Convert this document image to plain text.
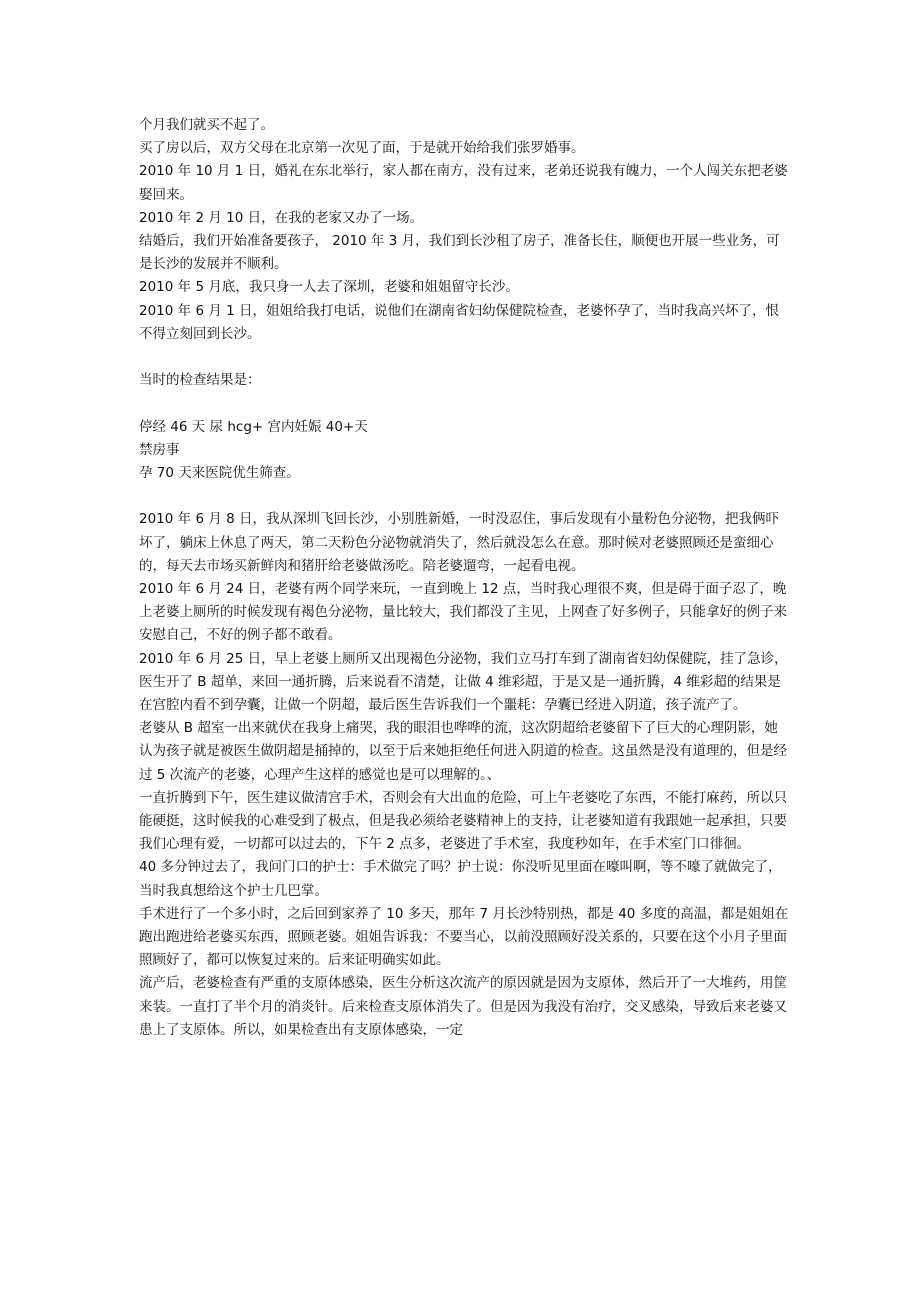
个月我们就买不起了。

买了房以后，双方父母在北京第一次见了面，于是就开始给我们张罗婚事。

2010 年 10 月 1 日，婚礼在东北举行，家人都在南方，没有过来，老弟还说我有魄力，一个人闯关东把老婆娶回来。

2010 年 2 月 10 日，在我的老家又办了一场。

结婚后，我们开始准备要孩子， 2010 年 3 月，我们到长沙租了房子，准备长住，顺便也开展一些业务，可是长沙的发展并不顺利。

2010 年 5 月底，我只身一人去了深圳，老婆和姐姐留守长沙。

2010 年 6 月 1 日，姐姐给我打电话，说他们在湖南省妇幼保健院检查，老婆怀孕了，当时我高兴坏了，恨不得立刻回到长沙。

当时的检查结果是：

停经 46 天 尿 hcg+ 宫内妊娠 40+天

禁房事

孕 70 天来医院优生筛查。

2010 年 6 月 8 日，我从深圳飞回长沙，小别胜新婚，一时没忍住，事后发现有小量粉色分泌物，把我俩吓坏了，躺床上休息了两天，第二天粉色分泌物就消失了，然后就没怎么在意。那时候对老婆照顾还是蛮细心的，每天去市场买新鲜肉和猪肝给老婆做汤吃。陪老婆遛弯，一起看电视。

2010 年 6 月 24 日，老婆有两个同学来玩，一直到晚上 12 点，当时我心理很不爽，但是碍于面子忍了，晚上老婆上厕所的时候发现有褐色分泌物，量比较大，我们都没了主见，上网查了好多例子，只能拿好的例子来安慰自己，不好的例子都不敢看。

2010 年 6 月 25 日，早上老婆上厕所又出现褐色分泌物，我们立马打车到了湖南省妇幼保健院，挂了急诊，医生开了 B 超单，来回一通折腾，后来说看不清楚，让做 4 维彩超，于是又是一通折腾，4 维彩超的结果是在宫腔内看不到孕囊，让做一个阴超，最后医生告诉我们一个噩耗：孕囊已经进入阴道，孩子流产了。

老婆从 B 超室一出来就伏在我身上痛哭，我的眼泪也哗哗的流，这次阴超给老婆留下了巨大的心理阴影，她认为孩子就是被医生做阴超是捅掉的，以至于后来她拒绝任何进入阴道的检查。这虽然是没有道理的，但是经过 5 次流产的老婆，心理产生这样的感觉也是可以理解的。、

一直折腾到下午，医生建议做清宫手术，否则会有大出血的危险，可上午老婆吃了东西，不能打麻药，所以只能硬挺，这时候我的心难受到了极点，但是我必须给老婆精神上的支持，让老婆知道有我跟她一起承担，只要我们心理有爱，一切都可以过去的，下午 2 点多，老婆进了手术室，我度秒如年，在手术室门口徘徊。

40 多分钟过去了，我问门口的护士：手术做完了吗？护士说：你没听见里面在嚎叫啊，等不嚎了就做完了，当时我真想给这个护士几巴掌。

手术进行了一个多小时，之后回到家养了 10 多天，那年 7 月长沙特别热，都是 40 多度的高温，都是姐姐在跑出跑进给老婆买东西，照顾老婆。姐姐告诉我：不要当心，以前没照顾好没关系的，只要在这个小月子里面照顾好了，都可以恢复过来的。后来证明确实如此。

流产后，老婆检查有严重的支原体感染，医生分析这次流产的原因就是因为支原体，然后开了一大堆药，用筐来装。一直打了半个月的消炎针。后来检查支原体消失了。但是因为我没有治疗，交叉感染，导致后来老婆又患上了支原体。所以，如果检查出有支原体感染，一定
